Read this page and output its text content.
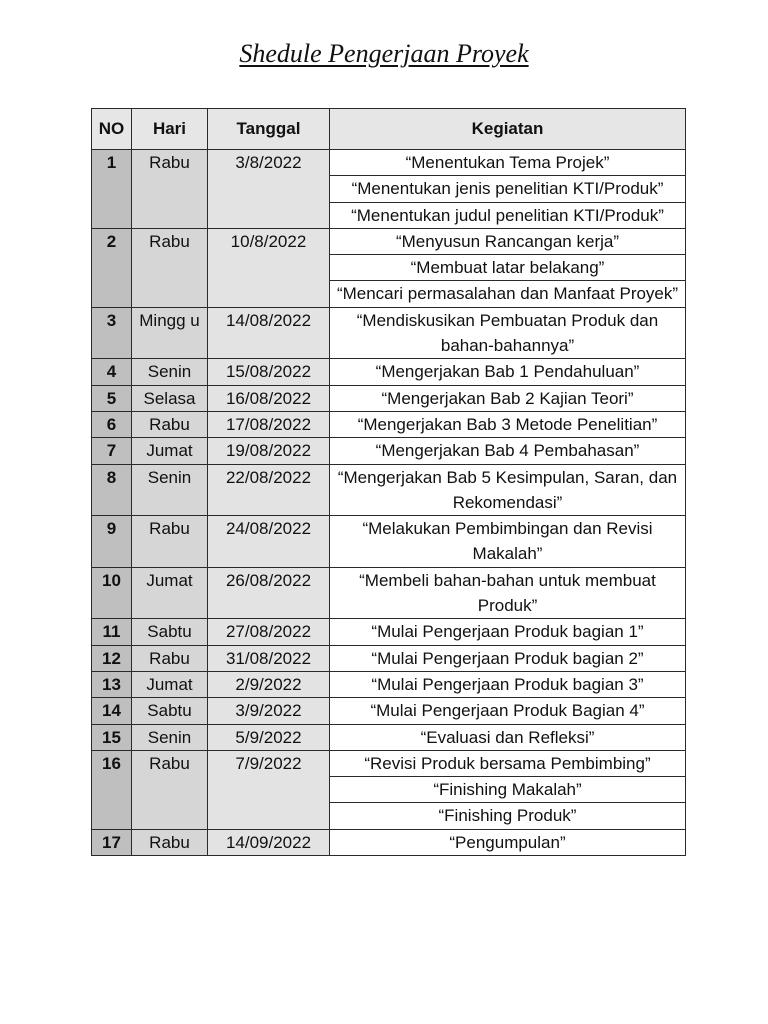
Shedule Pengerjaan Proyek
NO	Hari	Tanggal	Kegiatan
1	Rabu	3/8/2022	“Menentukan Tema Projek”
			“Menentukan jenis penelitian KTI/Produk”
			“Menentukan judul penelitian KTI/Produk”
2	Rabu	10/8/2022	“Menyusun Rancangan kerja”
			“Membuat latar belakang”
			“Mencari permasalahan dan Manfaat Proyek”
3	Mingg u	14/08/2022	“Mendiskusikan Pembuatan Produk dan bahan-bahannya”
4	Senin	15/08/2022	“Mengerjakan Bab 1 Pendahuluan”
5	Selasa	16/08/2022	“Mengerjakan Bab 2 Kajian Teori”
6	Rabu	17/08/2022	“Mengerjakan Bab 3 Metode Penelitian”
7	Jumat	19/08/2022	“Mengerjakan Bab 4 Pembahasan”
8	Senin	22/08/2022	“Mengerjakan Bab 5 Kesimpulan, Saran, dan Rekomendasi”
9	Rabu	24/08/2022	“Melakukan Pembimbingan dan Revisi Makalah”
10	Jumat	26/08/2022	“Membeli bahan-bahan untuk membuat Produk”
11	Sabtu	27/08/2022	“Mulai Pengerjaan Produk bagian 1”
12	Rabu	31/08/2022	“Mulai Pengerjaan Produk bagian 2”
13	Jumat	2/9/2022	“Mulai Pengerjaan Produk bagian 3”
14	Sabtu	3/9/2022	“Mulai Pengerjaan Produk Bagian 4”
15	Senin	5/9/2022	“Evaluasi dan Refleksi”
16	Rabu	7/9/2022	“Revisi Produk bersama Pembimbing”
			“Finishing Makalah”
			“Finishing Produk”
17	Rabu	14/09/2022	“Pengumpulan”
